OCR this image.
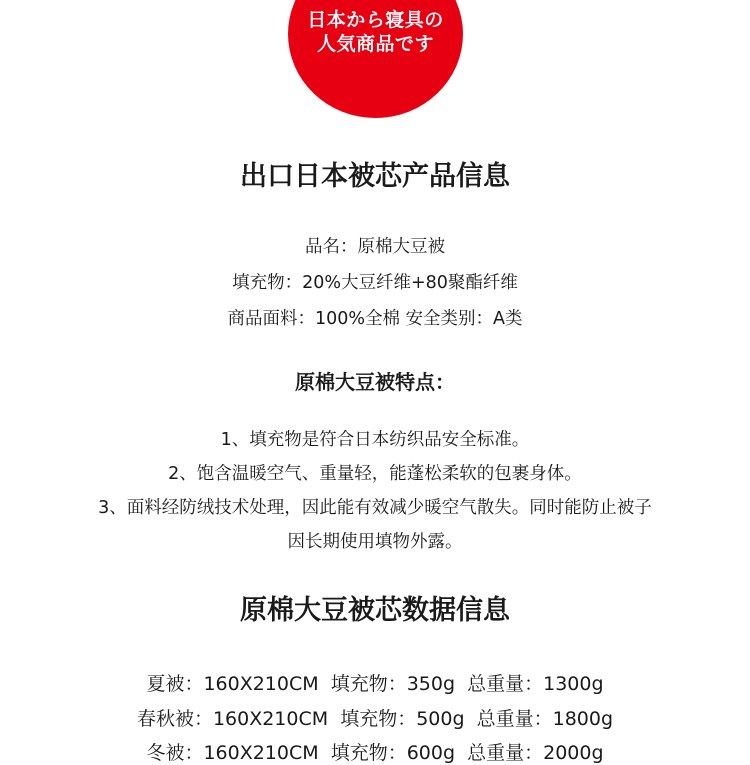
日本から寝具の
人気商品です
出口日本被芯产品信息

品名：原棉大豆被

填充物：20%大豆纤维+80聚酯纤维

商品面料：100%全棉 安全类别：A类

原棉大豆被特点：

1、填充物是符合日本纺织品安全标准。

2、饱含温暖空气、重量轻，能蓬松柔软的包裹身体。

3、面料经防绒技术处理，因此能有效减少暖空气散失。同时能防止被子

因长期使用填物外露。

原棉大豆被芯数据信息

夏被：160X210CM  填充物：350g  总重量：1300g

春秋被：160X210CM  填充物：500g  总重量：1800g

冬被：160X210CM  填充物：600g  总重量：2000g
